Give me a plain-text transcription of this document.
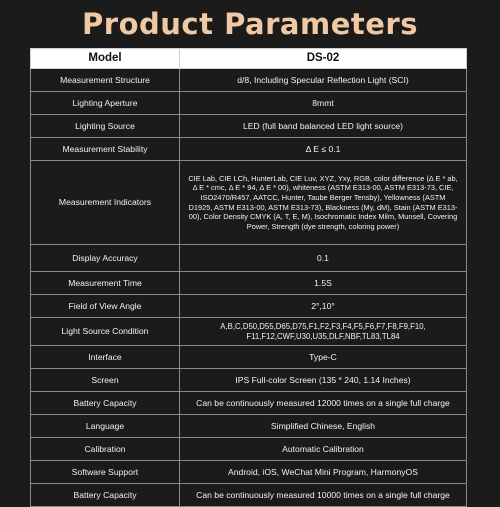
Product Parameters
Model	DS-02
Measurement Structure	d/8, Including Specular Reflection Light (SCI)
Lighting Aperture	8mmt
Lighting Source	LED (full band balanced LED light source)
Measurement Stability	Δ E ≤ 0.1
Measurement Indicators	CIE Lab, CIE LCh, HunterLab, CIE Luv, XYZ, Yxy, RGB, color difference (Δ E * ab, Δ E * cmc, Δ E * 94, Δ E * 00), whiteness (ASTM E313-00, ASTM E313-73, CIE, ISO2470/R457, AATCC, Hunter, Taube Berger Tensby), Yellowness (ASTM D1925, ASTM E313-00, ASTM E313-73), Blackness (My, dM), Stain (ASTM E313-00), Color Density CMYK (A, T, E, M), Isochromatic Index Milm, Munsell, Covering Power, Strength (dye strength, coloring power)
Display Accuracy	0.1
Measurement Time	1.5S
Field of View Angle	2°,10°
Light Source Condition	A,B,C,D50,D55,D65,D75,F1,F2,F3,F4,F5,F6,F7,F8,F9,F10, F11,F12,CWF,U30,U35,DLF,NBF,TL83,TL84
Interface	Type-C
Screen	IPS Full-color Screen (135 * 240, 1.14 Inches)
Battery Capacity	Can be continuously measured 12000 times on a single full charge
Language	Simplified Chinese, English
Calibration	Automatic Calibration
Software Support	Android, iOS, WeChat Mini Program, HarmonyOS
Battery Capacity	Can be continuously measured 10000 times on a single full charge
